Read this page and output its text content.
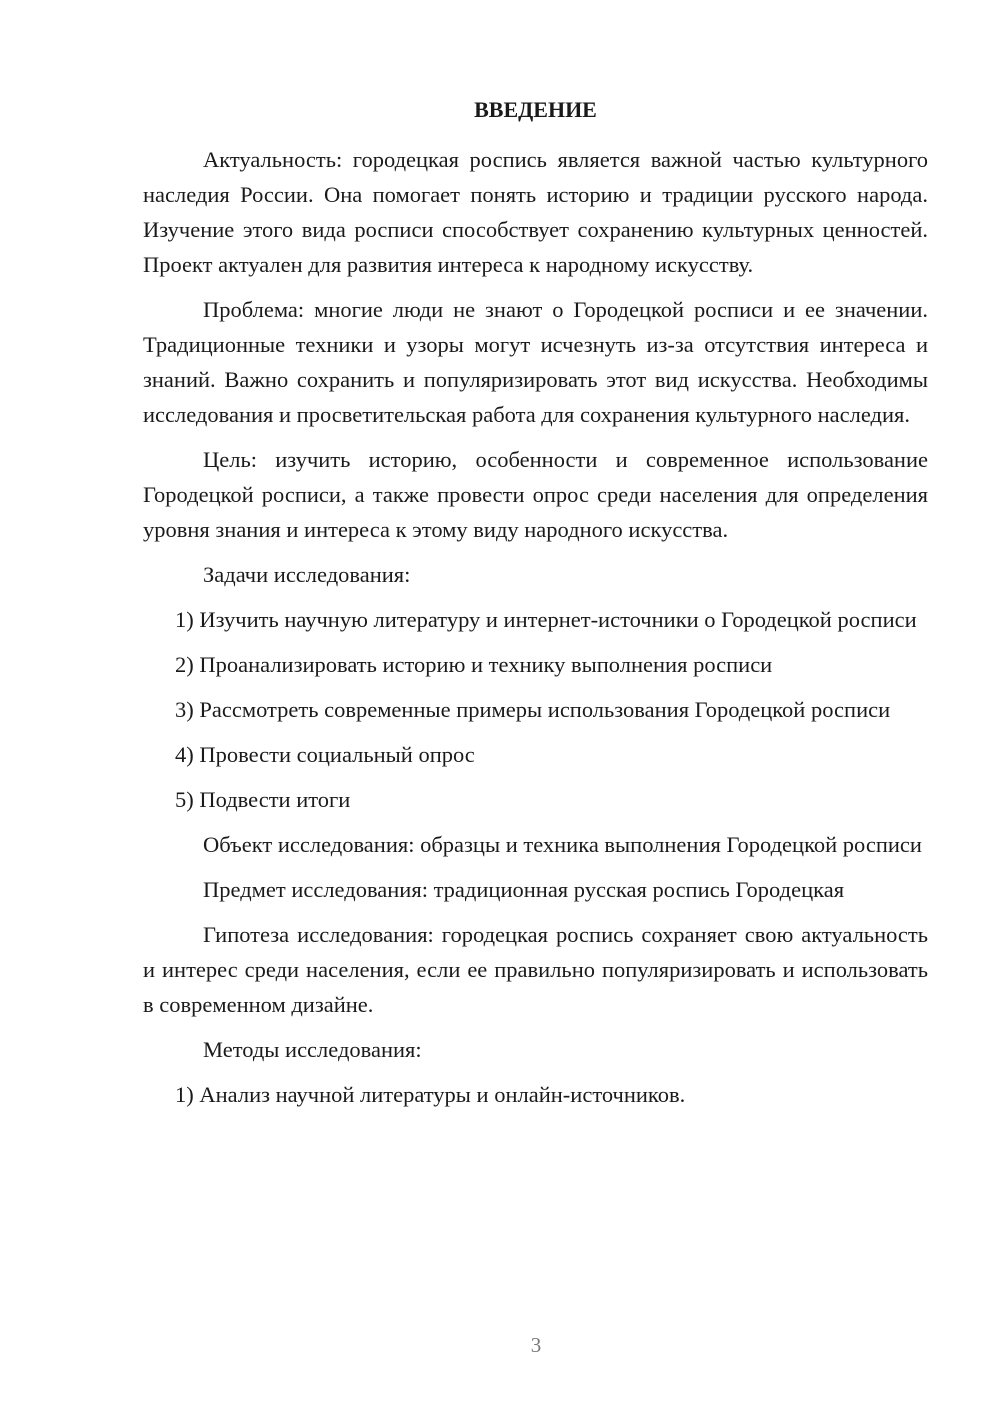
ВВЕДЕНИЕ

Актуальность: городецкая роспись является важной частью культурного наследия России. Она помогает понять историю и традиции русского народа. Изучение этого вида росписи способствует сохранению культурных ценностей. Проект актуален для развития интереса к народному искусству.

Проблема: многие люди не знают о Городецкой росписи и ее значении. Традиционные техники и узоры могут исчезнуть из-за отсутствия интереса и знаний. Важно сохранить и популяризировать этот вид искусства. Необходимы исследования и просветительская работа для сохранения культурного наследия.

Цель: изучить историю, особенности и современное использование Городецкой росписи, а также провести опрос среди населения для определения уровня знания и интереса к этому виду народного искусства.

Задачи исследования:

1) Изучить научную литературу и интернет-источники о Городецкой росписи

2) Проанализировать историю и технику выполнения росписи

3) Рассмотреть современные примеры использования Городецкой росписи

4) Провести социальный опрос

5) Подвести итоги

Объект исследования: образцы и техника выполнения Городецкой росписи

Предмет исследования: традиционная русская роспись Городецкая

Гипотеза исследования: городецкая роспись сохраняет свою актуальность и интерес среди населения, если ее правильно популяризировать и использовать в современном дизайне.

Методы исследования:

1) Анализ научной литературы и онлайн-источников.

3
